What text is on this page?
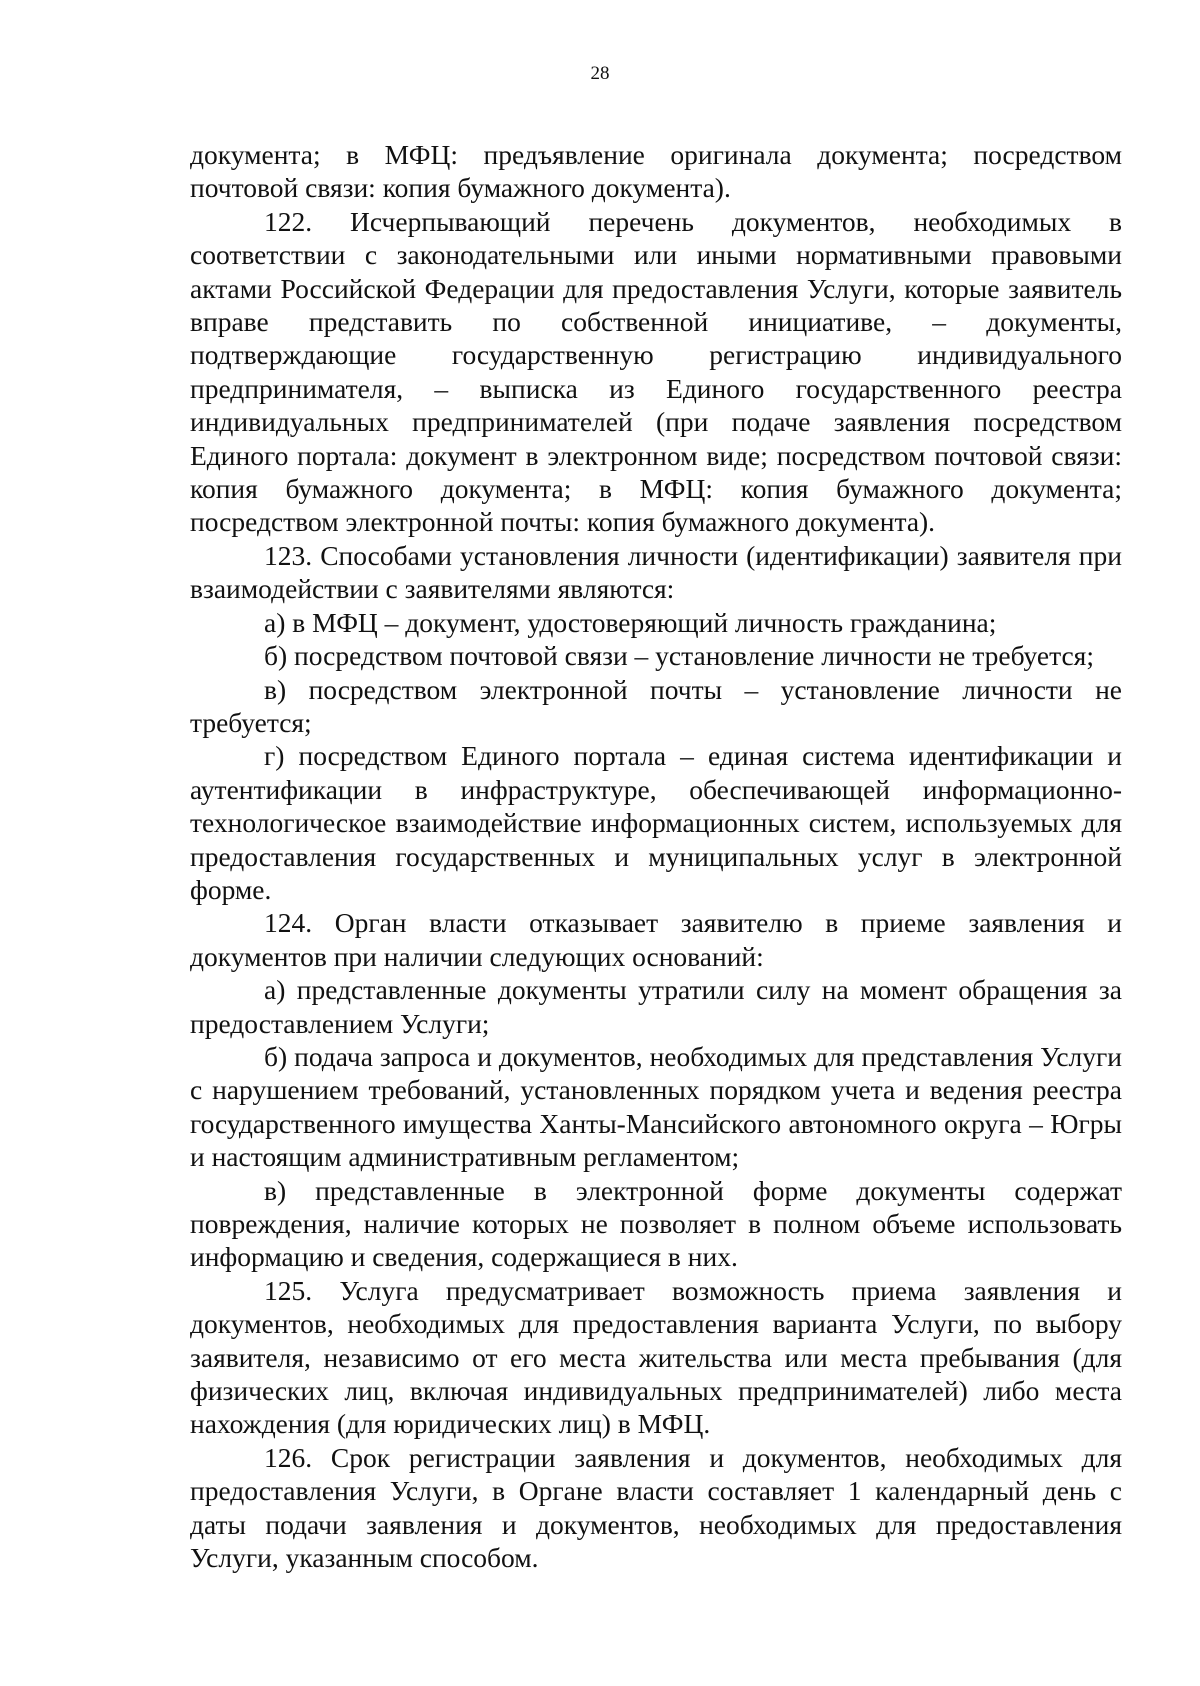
28

документа; в МФЦ: предъявление оригинала документа; посредством почтовой связи: копия бумажного документа).

122. Исчерпывающий перечень документов, необходимых в соответствии с законодательными или иными нормативными правовыми актами Российской Федерации для предоставления Услуги, которые заявитель вправе представить по собственной инициативе, – документы, подтверждающие государственную регистрацию индивидуального предпринимателя, – выписка из Единого государственного реестра индивидуальных предпринимателей (при подаче заявления посредством Единого портала: документ в электронном виде; посредством почтовой связи: копия бумажного документа; в МФЦ: копия бумажного документа; посредством электронной почты: копия бумажного документа).

123. Способами установления личности (идентификации) заявителя при взаимодействии с заявителями являются:

а) в МФЦ – документ, удостоверяющий личность гражданина;

б) посредством почтовой связи – установление личности не требуется;

в) посредством электронной почты – установление личности не требуется;

г) посредством Единого портала – единая система идентификации и аутентификации в инфраструктуре, обеспечивающей информационно-технологическое взаимодействие информационных систем, используемых для предоставления государственных и муниципальных услуг в электронной форме.

124. Орган власти отказывает заявителю в приеме заявления и документов при наличии следующих оснований:

а) представленные документы утратили силу на момент обращения за предоставлением Услуги;

б) подача запроса и документов, необходимых для представления Услуги с нарушением требований, установленных порядком учета и ведения реестра государственного имущества Ханты-Мансийского автономного округа – Югры и настоящим административным регламентом;

в) представленные в электронной форме документы содержат повреждения, наличие которых не позволяет в полном объеме использовать информацию и сведения, содержащиеся в них.

125. Услуга предусматривает возможность приема заявления и документов, необходимых для предоставления варианта Услуги, по выбору заявителя, независимо от его места жительства или места пребывания (для физических лиц, включая индивидуальных предпринимателей) либо места нахождения (для юридических лиц) в МФЦ.

126. Срок регистрации заявления и документов, необходимых для предоставления Услуги, в Органе власти составляет 1 календарный день с даты подачи заявления и документов, необходимых для предоставления Услуги, указанным способом.
